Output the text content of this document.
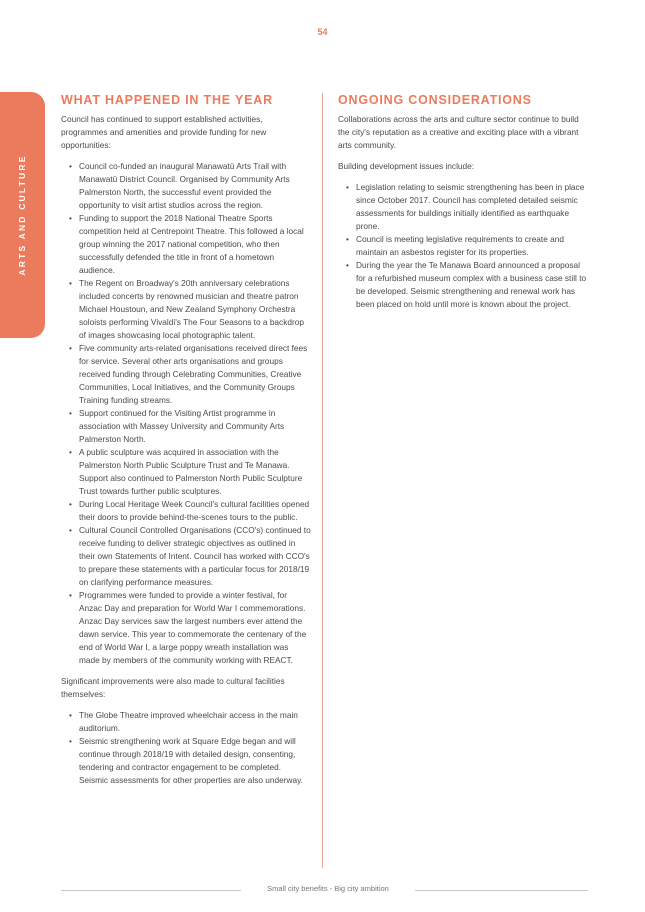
54
ARTS AND CULTURE
WHAT HAPPENED IN THE YEAR

Council has continued to support established activities, programmes and amenities and provide funding for new opportunities:

• Council co-funded an inaugural Manawatū Arts Trail with Manawatū District Council. Organised by Community Arts Palmerston North, the successful event provided the opportunity to visit artist studios across the region.
• Funding to support the 2018 National Theatre Sports competition held at Centrepoint Theatre. This followed a local group winning the 2017 national competition, who then successfully defended the title in front of a hometown audience.
• The Regent on Broadway's 20th anniversary celebrations included concerts by renowned musician and theatre patron Michael Houstoun, and New Zealand Symphony Orchestra soloists performing Vivaldi's The Four Seasons to a backdrop of images showcasing local photographic talent.
• Five community arts-related organisations received direct fees for service. Several other arts organisations and groups received funding through Celebrating Communities, Creative Communities, Local Initiatives, and the Community Groups Training funding streams.
• Support continued for the Visiting Artist programme in association with Massey University and Community Arts Palmerston North.
• A public sculpture was acquired in association with the Palmerston North Public Sculpture Trust and Te Manawa. Support also continued to Palmerston North Public Sculpture Trust towards further public sculptures.
• During Local Heritage Week Council's cultural facilities opened their doors to provide behind-the-scenes tours to the public.
• Cultural Council Controlled Organisations (CCO's) continued to receive funding to deliver strategic objectives as outlined in their own Statements of Intent. Council has worked with CCO's to prepare these statements with a particular focus for 2018/19 on clarifying performance measures.
• Programmes were funded to provide a winter festival, for Anzac Day and preparation for World War I commemorations. Anzac Day services saw the largest numbers ever attend the dawn service. This year to commemorate the centenary of the end of World War I, a large poppy wreath installation was made by members of the community working with REACT.

Significant improvements were also made to cultural facilities themselves:

• The Globe Theatre improved wheelchair access in the main auditorium.
• Seismic strengthening work at Square Edge began and will continue through 2018/19 with detailed design, consenting, tendering and contractor engagement to be completed. Seismic assessments for other properties are also underway.
ONGOING CONSIDERATIONS

Collaborations across the arts and culture sector continue to build the city's reputation as a creative and exciting place with a vibrant arts community.

Building development issues include:

• Legislation relating to seismic strengthening has been in place since October 2017. Council has completed detailed seismic assessments for buildings initially identified as earthquake prone.
• Council is meeting legislative requirements to create and maintain an asbestos register for its properties.
• During the year the Te Manawa Board announced a proposal for a refurbished museum complex with a business case still to be developed. Seismic strengthening and renewal work has been placed on hold until more is known about the project.
Small city benefits - Big city ambition
